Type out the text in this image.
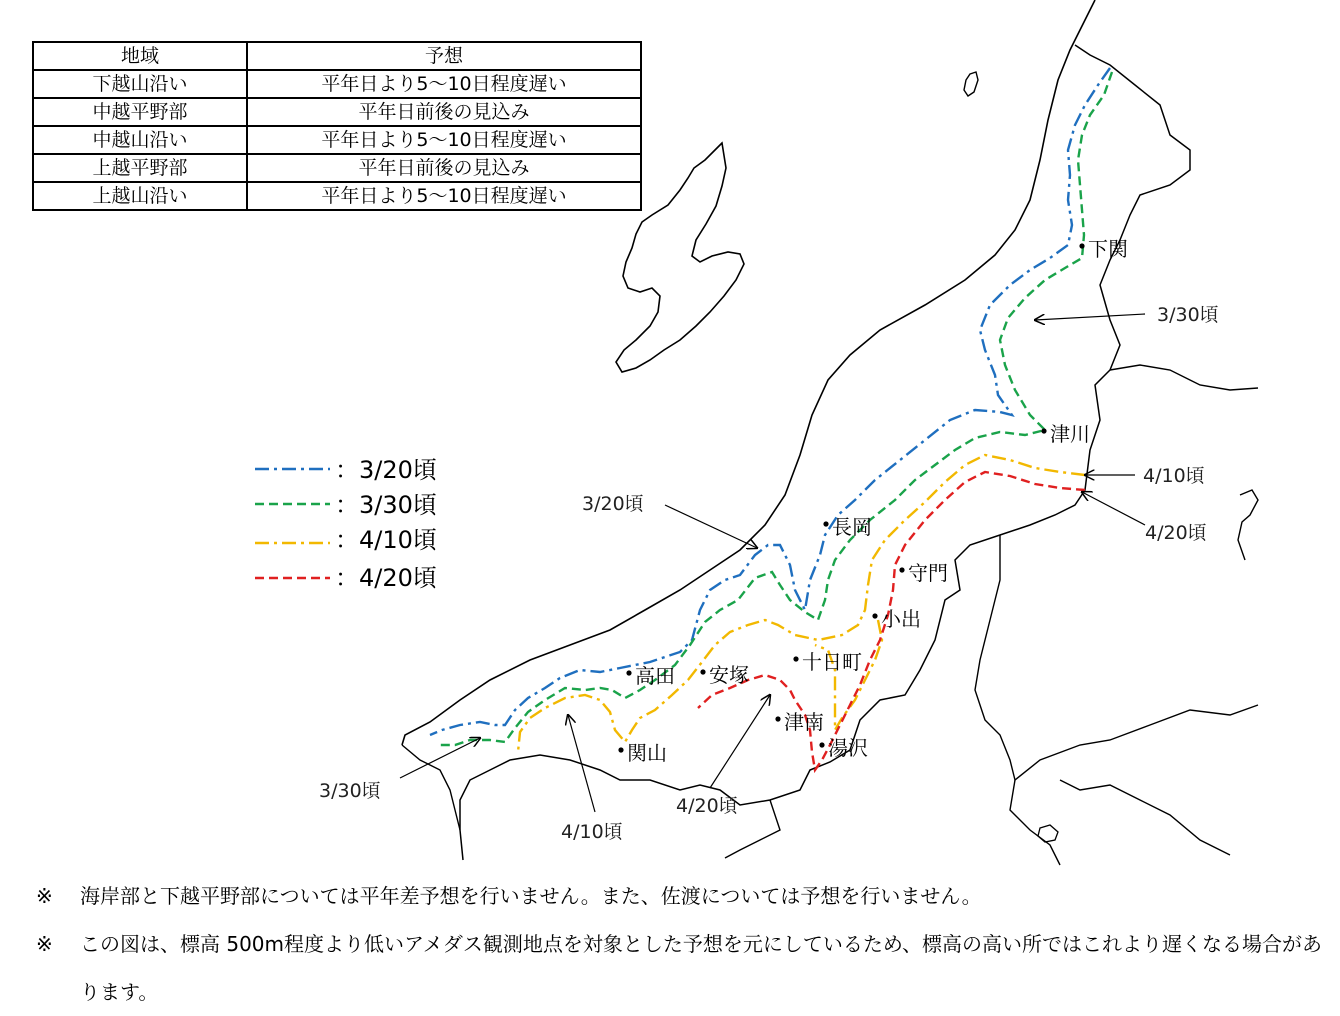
：3/20頃
：3/30頃
：4/10頃
：4/20頃
下関
津川
長岡
守門
小出
十日町
高田 安塚
津南
湯沢
関山
3/30頃
4/10頃
4/20頃
3/20頃
3/30頃
4/10頃
4/20頃
地域	予想
下越山沿い	平年日より5～10日程度遅い
中越平野部	平年日前後の見込み
中越山沿い	平年日より5～10日程度遅い
上越平野部	平年日前後の見込み
上越山沿い	平年日より5～10日程度遅い
※ 海岸部と下越平野部については平年差予想を行いません。また、佐渡については予想を行いません。
※ この図は、標高 500m程度より低いアメダス観測地点を対象とした予想を元にしているため、標高の高い所ではこれより遅くなる場合があります。
